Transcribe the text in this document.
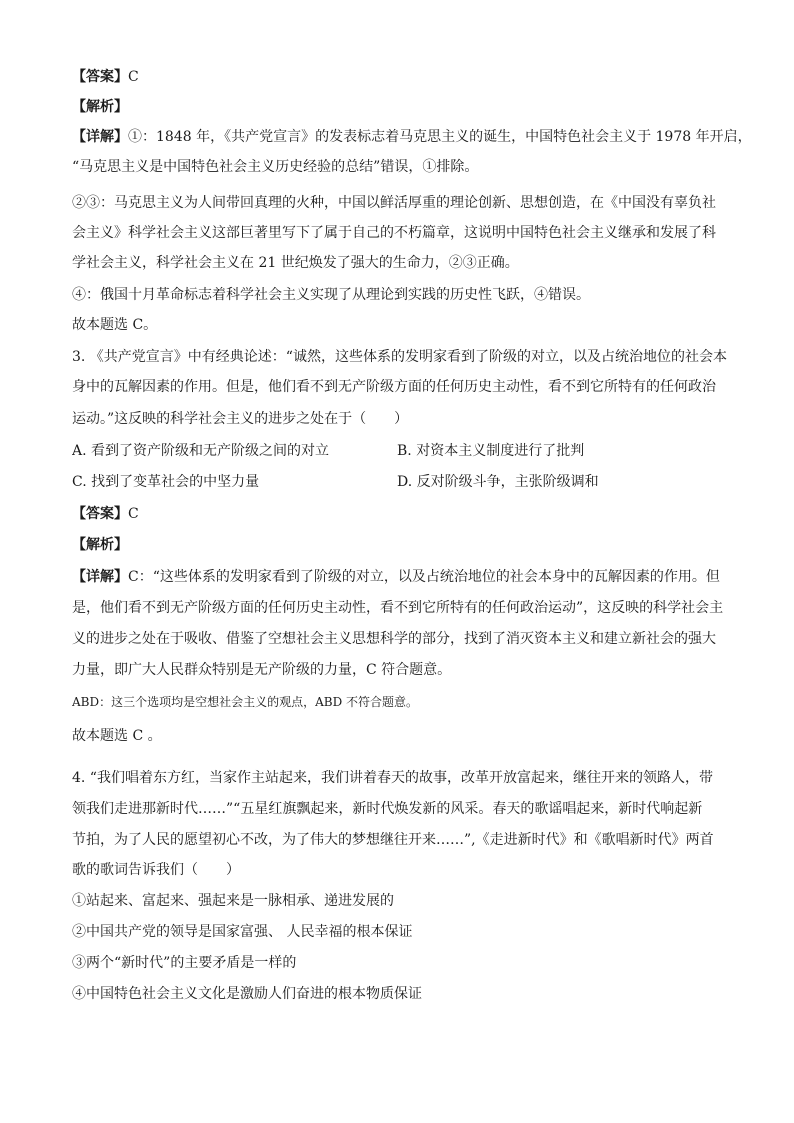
【答案】C
【解析】
【详解】①：1848 年，《共产党宣言》的发表标志着马克思主义的诞生，中国特色社会主义于 1978 年开启，
“马克思主义是中国特色社会主义历史经验的总结”错误，①排除。
②③：马克思主义为人间带回真理的火种，中国以鲜活厚重的理论创新、思想创造，在《中国没有辜负社
会主义》科学社会主义这部巨著里写下了属于自己的不朽篇章，这说明中国特色社会主义继承和发展了科
学社会主义，科学社会主义在 21 世纪焕发了强大的生命力，②③正确。
④：俄国十月革命标志着科学社会主义实现了从理论到实践的历史性飞跃，④错误。
故本题选 C。
3. 《共产党宣言》中有经典论述：“诚然，这些体系的发明家看到了阶级的对立，以及占统治地位的社会本
身中的瓦解因素的作用。但是，他们看不到无产阶级方面的任何历史主动性，看不到它所特有的任何政治
运动。”这反映的科学社会主义的进步之处在于（　　）
A. 看到了资产阶级和无产阶级之间的对立	B. 对资本主义制度进行了批判
C. 找到了变革社会的中坚力量	D. 反对阶级斗争，主张阶级调和
【答案】C
【解析】
【详解】C：“这些体系的发明家看到了阶级的对立，以及占统治地位的社会本身中的瓦解因素的作用。但
是，他们看不到无产阶级方面的任何历史主动性，看不到它所特有的任何政治运动”，这反映的科学社会主
义的进步之处在于吸收、借鉴了空想社会主义思想科学的部分，找到了消灭资本主义和建立新社会的强大
力量，即广大人民群众特别是无产阶级的力量，C 符合题意。
ABD：这三个选项均是空想社会主义的观点，ABD 不符合题意。
故本题选 C 。
4. “我们唱着东方红，当家作主站起来，我们讲着春天的故事，改革开放富起来，继往开来的领路人，带
领我们走进那新时代……”“五星红旗飘起来，新时代焕发新的风采。春天的歌谣唱起来，新时代响起新
节拍，为了人民的愿望初心不改，为了伟大的梦想继往开来……”,《走进新时代》和《歌唱新时代》两首
歌的歌词告诉我们（　　）
①站起来、富起来、强起来是一脉相承、递进发展的
②中国共产党的领导是国家富强、 人民幸福的根本保证
③两个“新时代”的主要矛盾是一样的
④中国特色社会主义文化是激励人们奋进的根本物质保证
